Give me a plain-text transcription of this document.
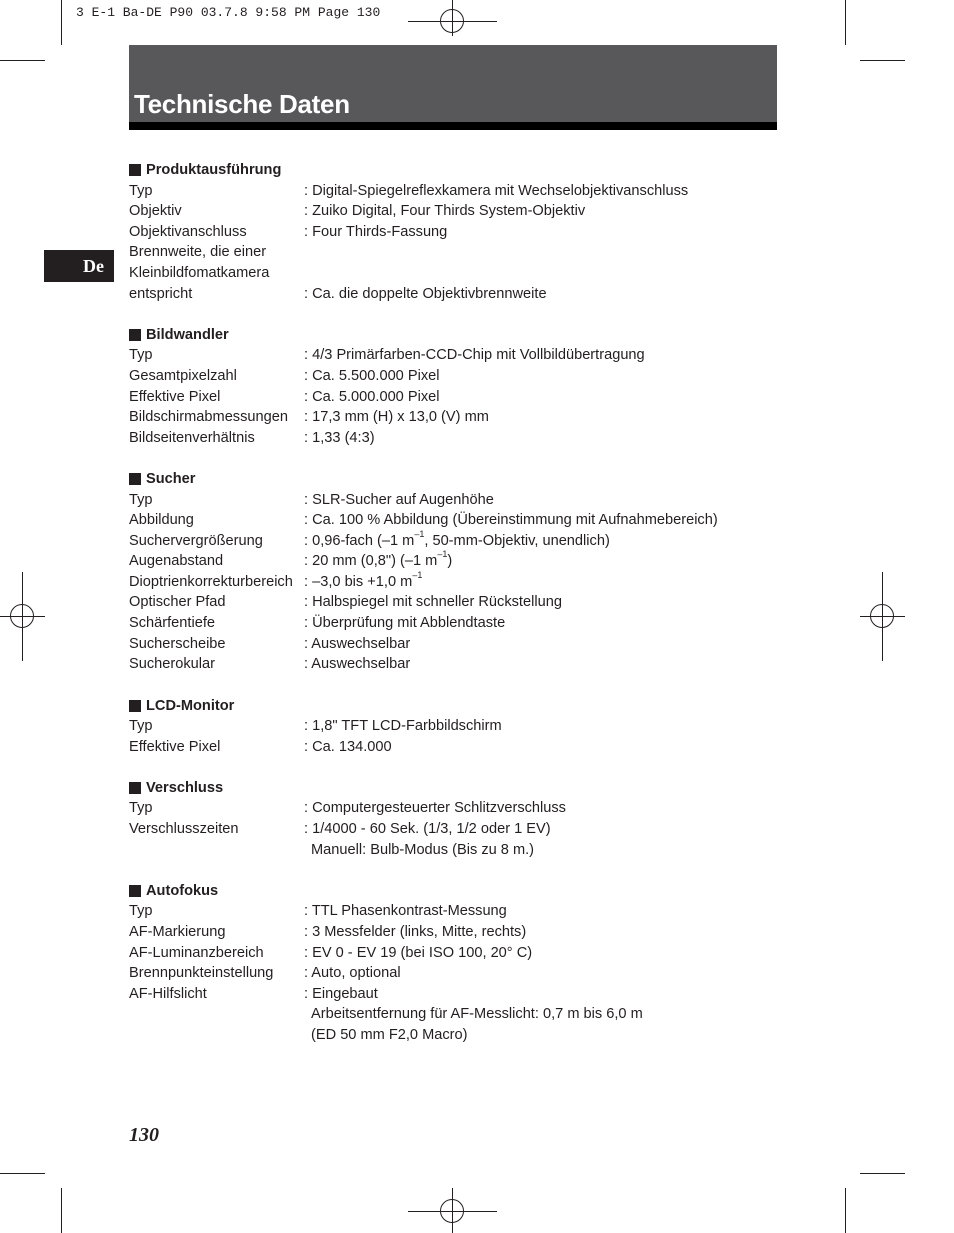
3 E-1 Ba-DE P90 03.7.8 9:58 PM Page 130
Technische Daten
De
Produktausführung
Typ	: Digital-Spiegelreflexkamera mit Wechselobjektivanschluss
Objektiv	: Zuiko Digital, Four Thirds System-Objektiv
Objektivanschluss	: Four Thirds-Fassung
Brennweite, die einer
Kleinbildfomatkamera
entspricht	: Ca. die doppelte Objektivbrennweite
Bildwandler
Typ	: 4/3 Primärfarben-CCD-Chip mit Vollbildübertragung
Gesamtpixelzahl	: Ca. 5.500.000 Pixel
Effektive Pixel	: Ca. 5.000.000 Pixel
Bildschirmabmessungen	: 17,3 mm (H) x 13,0 (V) mm
Bildseitenverhältnis	: 1,33 (4:3)
Sucher
Typ	: SLR-Sucher auf Augenhöhe
Abbildung	: Ca. 100 % Abbildung (Übereinstimmung mit Aufnahmebereich)
Suchervergrößerung	: 0,96-fach (–1 $m^{-1}$, 50-mm-Objektiv, unendlich)
Augenabstand	: 20 mm (0,8") (–1 $m^{-1}$)
Dioptrienkorrekturbereich : –3,0 bis +1,0 $m^{-1}$
Optischer Pfad	: Halbspiegel mit schneller Rückstellung
Schärfentiefe	: Überprüfung mit Abblendtaste
Sucherscheibe	: Auswechselbar
Sucherokular	: Auswechselbar
LCD-Monitor
Typ	: 1,8" TFT LCD-Farbbildschirm
Effektive Pixel	: Ca. 134.000
Verschluss
Typ	: Computergesteuerter Schlitzverschluss
Verschlusszeiten	: 1/4000 - 60 Sek. (1/3, 1/2 oder 1 EV)
Manuell: Bulb-Modus (Bis zu 8 m.)
Autofokus
Typ	: TTL Phasenkontrast-Messung
AF-Markierung	: 3 Messfelder (links, Mitte, rechts)
AF-Luminanzbereich	: EV 0 - EV 19 (bei ISO 100, 20° C)
Brennpunkteinstellung	: Auto, optional
AF-Hilfslicht	: Eingebaut
Arbeitsentfernung für AF-Messlicht: 0,7 m bis 6,0 m
(ED 50 mm F2,0 Macro)
130
